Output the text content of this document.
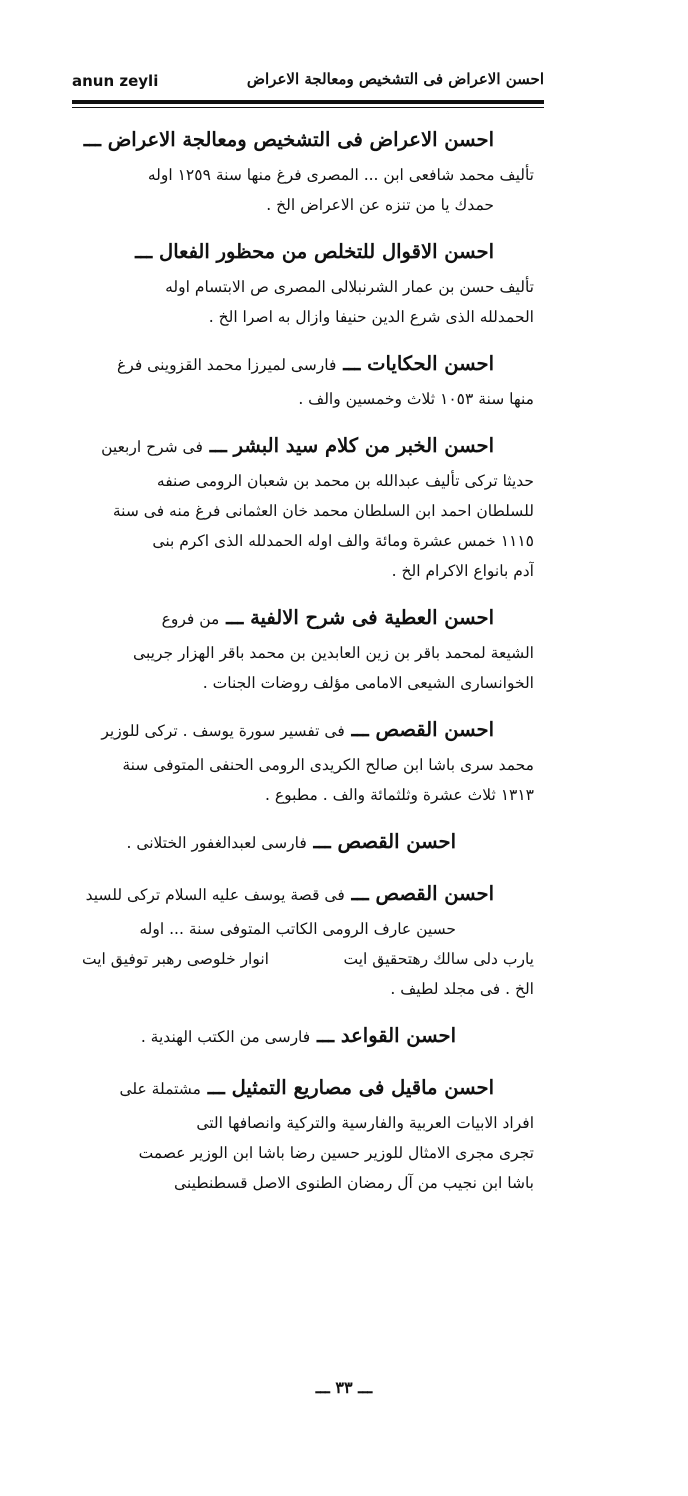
anun zeyli	احسن الاعراض فى التشخيص ومعالجة الاعراض
احسن الاعراض فى التشخيص ومعالجة الاعراض ـــ
تأليف محمد شافعى ابن ... المصرى فرغ منها سنة ١٢٥٩ اوله
حمدك يا من تنزه عن الاعراض الخ .
احسن الاقوال للتخلص من محظور الفعال ـــ
تأليف حسن بن عمار الشرنبلالى المصرى ص الابتسام اوله
الحمدلله الذى شرع الدين حنيفا وازال به اصرا الخ .
احسن الحكايات ـــ فارسى لميرزا محمد القزوينى فرغ
منها سنة ١٠٥٣ ثلاث وخمسين والف .
احسن الخبر من كلام سيد البشر ـــ فى شرح اربعين
حديثا تركى تأليف عبدالله بن محمد بن شعبان الرومى صنفه
للسلطان احمد ابن السلطان محمد خان العثمانى فرغ منه فى سنة
١١١٥ خمس عشرة ومائة والف اوله الحمدلله الذى اكرم بنى
آدم بانواع الاكرام الخ .
احسن العطية فى شرح الالفية ـــ من فروع
الشيعة لمحمد باقر بن زين العابدين بن محمد باقر الهزار جريبى
الخوانسارى الشيعى الامامى مؤلف روضات الجنات .
احسن القصص ـــ فى تفسير سورة يوسف . تركى للوزير
محمد سرى باشا ابن صالح الكريدى الرومى الحنفى المتوفى سنة
١٣١٣ ثلاث عشرة وثلثمائة والف . مطبوع .
احسن القصص ـــ فارسى لعبدالغفور الختلانى .
احسن القصص ـــ فى قصة يوسف عليه السلام تركى للسيد
حسين عارف الرومى الكاتب المتوفى سنة ... اوله
يارب دلى سالك رهتحقيق ايت
انوار خلوصى رهبر توفيق ايت
الخ . فى مجلد لطيف .
احسن القواعد ـــ فارسى من الكتب الهندية .
احسن ماقيل فى مصاريع التمثيل ـــ مشتملة على
افراد الابيات العربية والفارسية والتركية وانصافها التى
تجرى مجرى الامثال للوزير حسين رضا باشا ابن الوزير عصمت
باشا ابن نجيب من آل رمضان الطنوى الاصل قسطنطينى
ـــ ٣٣ ـــ
